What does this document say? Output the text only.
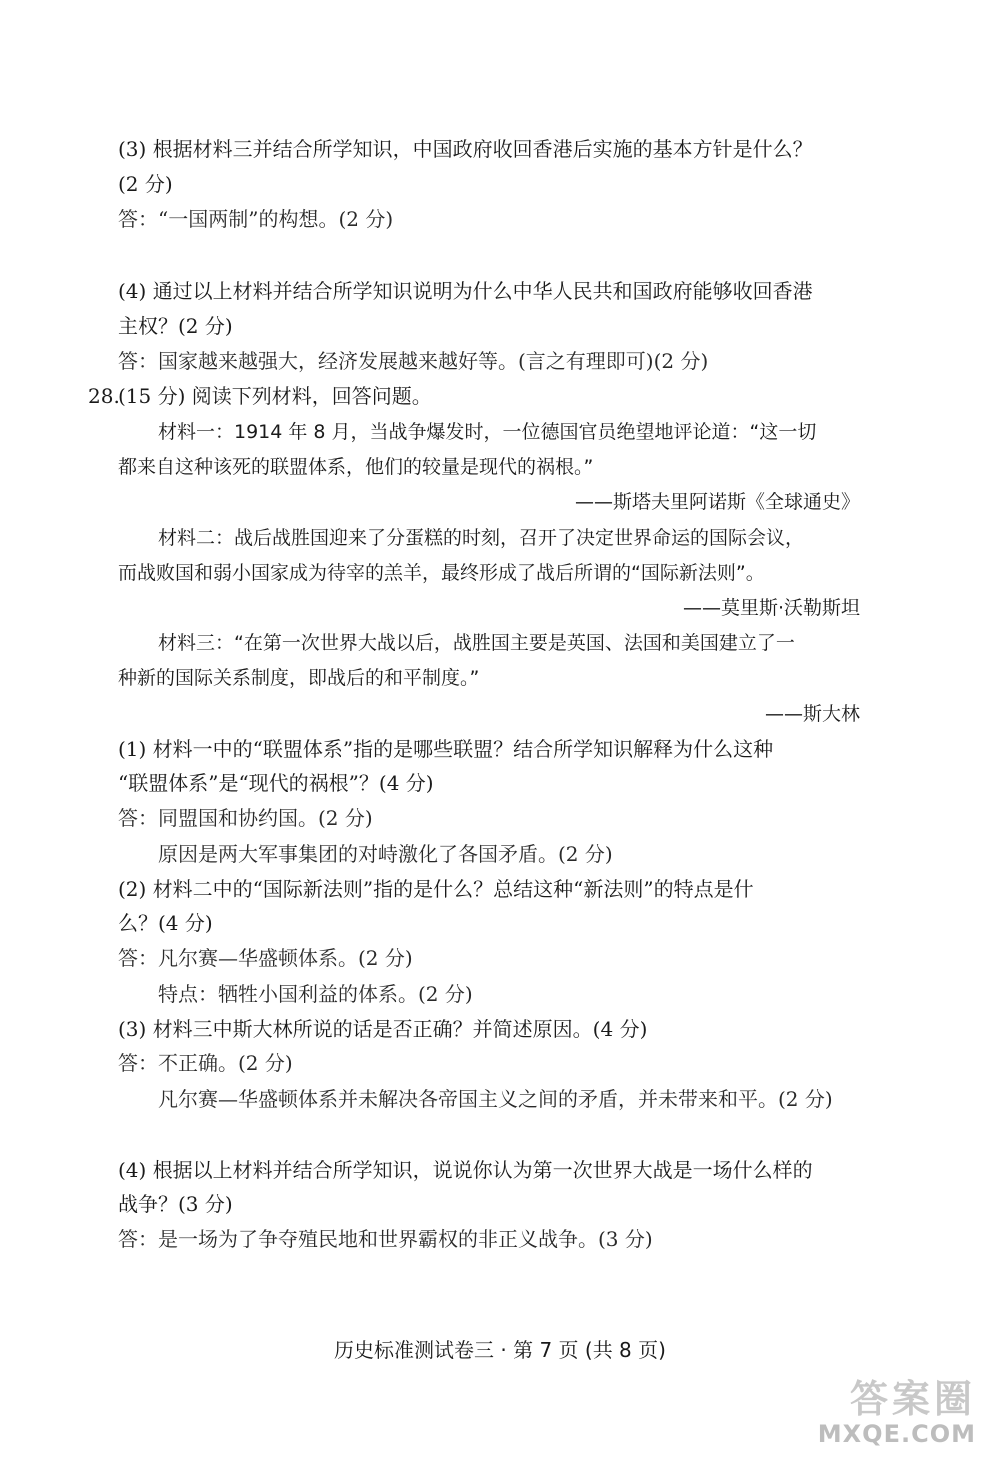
(3) 根据材料三并结合所学知识，中国政府收回香港后实施的基本方针是什么？
(2 分)
答：“一国两制”的构想。(2 分)
(4) 通过以上材料并结合所学知识说明为什么中华人民共和国政府能够收回香港
主权？(2 分)
答：国家越来越强大，经济发展越来越好等。(言之有理即可)(2 分)
28.
(15 分) 阅读下列材料，回答问题。
材料一：1914 年 8 月，当战争爆发时，一位德国官员绝望地评论道：“这一切
都来自这种该死的联盟体系，他们的较量是现代的祸根。”
——斯塔夫里阿诺斯《全球通史》
材料二：战后战胜国迎来了分蛋糕的时刻，召开了决定世界命运的国际会议，
而战败国和弱小国家成为待宰的羔羊，最终形成了战后所谓的“国际新法则”。
——莫里斯·沃勒斯坦
材料三：“在第一次世界大战以后，战胜国主要是英国、法国和美国建立了一
种新的国际关系制度，即战后的和平制度。”
——斯大林
(1) 材料一中的“联盟体系”指的是哪些联盟？结合所学知识解释为什么这种
“联盟体系”是“现代的祸根”？(4 分)
答：同盟国和协约国。(2 分)
原因是两大军事集团的对峙激化了各国矛盾。(2 分)
(2) 材料二中的“国际新法则”指的是什么？总结这种“新法则”的特点是什
么？(4 分)
答：凡尔赛—华盛顿体系。(2 分)
特点：牺牲小国利益的体系。(2 分)
(3) 材料三中斯大林所说的话是否正确？并简述原因。(4 分)
答：不正确。(2 分)
凡尔赛—华盛顿体系并未解决各帝国主义之间的矛盾，并未带来和平。(2 分)
(4) 根据以上材料并结合所学知识，说说你认为第一次世界大战是一场什么样的
战争？(3 分)
答：是一场为了争夺殖民地和世界霸权的非正义战争。(3 分)
历史标准测试卷三 · 第 7 页 (共 8 页)
答案圈
MXQE.COM
